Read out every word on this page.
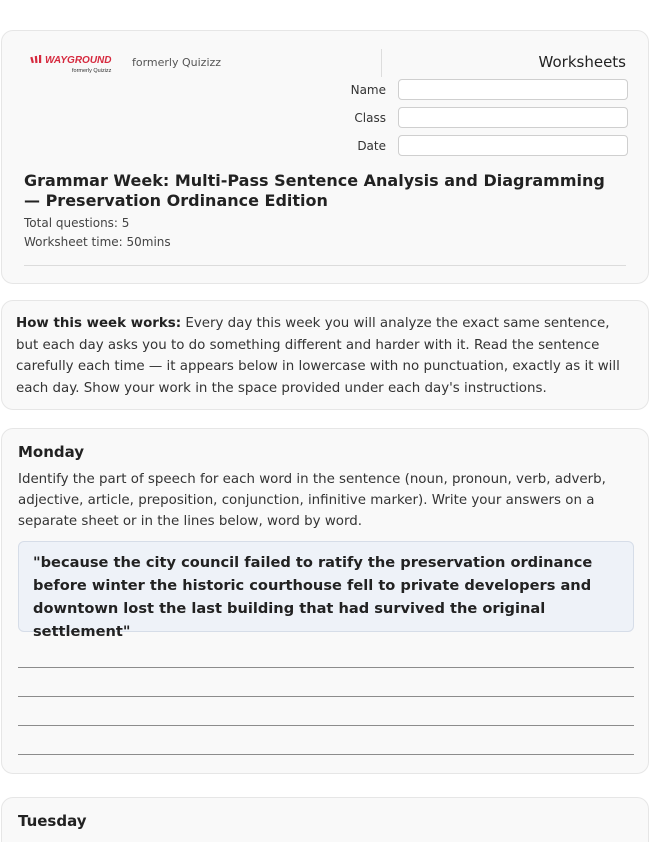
WAYGROUND
formerly Quizizz
formerly Quizizz	Worksheets
Name
Class
Date
Grammar Week: Multi-Pass Sentence Analysis and Diagramming — Preservation Ordinance Edition
Total questions: 5
Worksheet time: 50mins

How this week works: Every day this week you will analyze the exact same sentence, but each day asks you to do something different and harder with it. Read the sentence carefully each time — it appears below in lowercase with no punctuation, exactly as it will each day. Show your work in the space provided under each day's instructions.

Monday
Identify the part of speech for each word in the sentence (noun, pronoun, verb, adverb, adjective, article, preposition, conjunction, infinitive marker). Write your answers on a separate sheet or in the lines below, word by word.
"because the city council failed to ratify the preservation ordinance before winter the historic courthouse fell to private developers and downtown lost the last building that had survived the original settlement"
Tuesday
